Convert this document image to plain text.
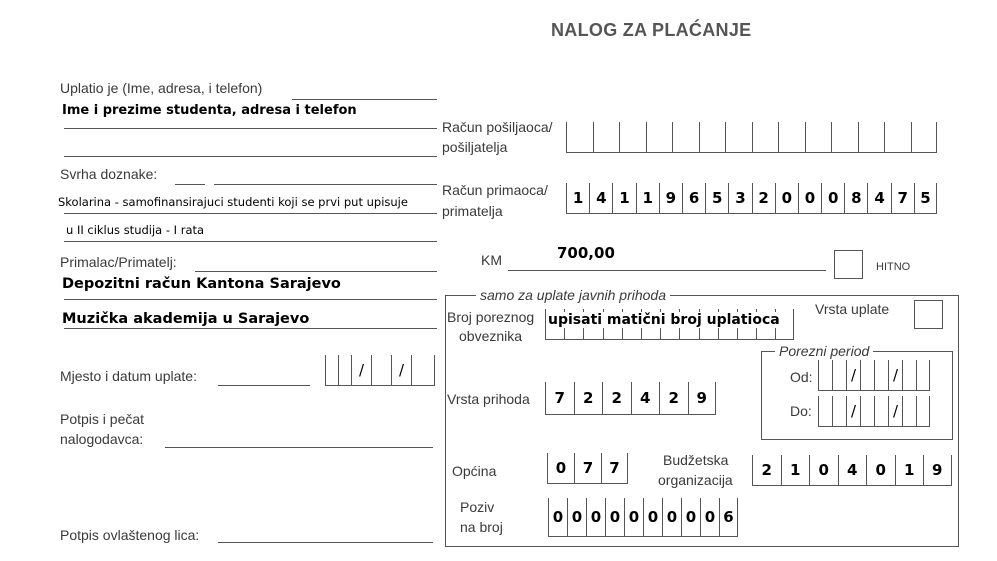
NALOG ZA PLAĆANJE
Uplatio je (Ime, adresa, i telefon)
Ime i prezime studenta, adresa i telefon
Svrha doznake:
Skolarina - samofinansirajuci studenti koji se prvi put upisuje
u II ciklus studija - I rata
Primalac/Primatelj:
Depozitni račun Kantona Sarajevo
Muzička akademija u Sarajevo
Mjesto i datum uplate:	/	/
Potpis i pečat
nalogodavca:
Potpis ovlaštenog lica:
Račun pošiljaoca/
pošiljatelja
Račun primaoca/
primatelja
1 4 1 1 9 6 5 3 2 0 0 0 8 4 7 5
KM	700,00
HITNO
samo za uplate javnih prihoda
Broj poreznog
obveznika
upisati matični broj uplatioca
Vrsta uplate
Porezni period
Od:	/	/
Do:	/	/
Vrsta prihoda	7	2	2	4	2	9
Općina	0	7	7	Budžetska
organizacija
2	1	0	4	0	1	9
Poziv
na broj
0 0 0 0 0 0 0 0 0 6
